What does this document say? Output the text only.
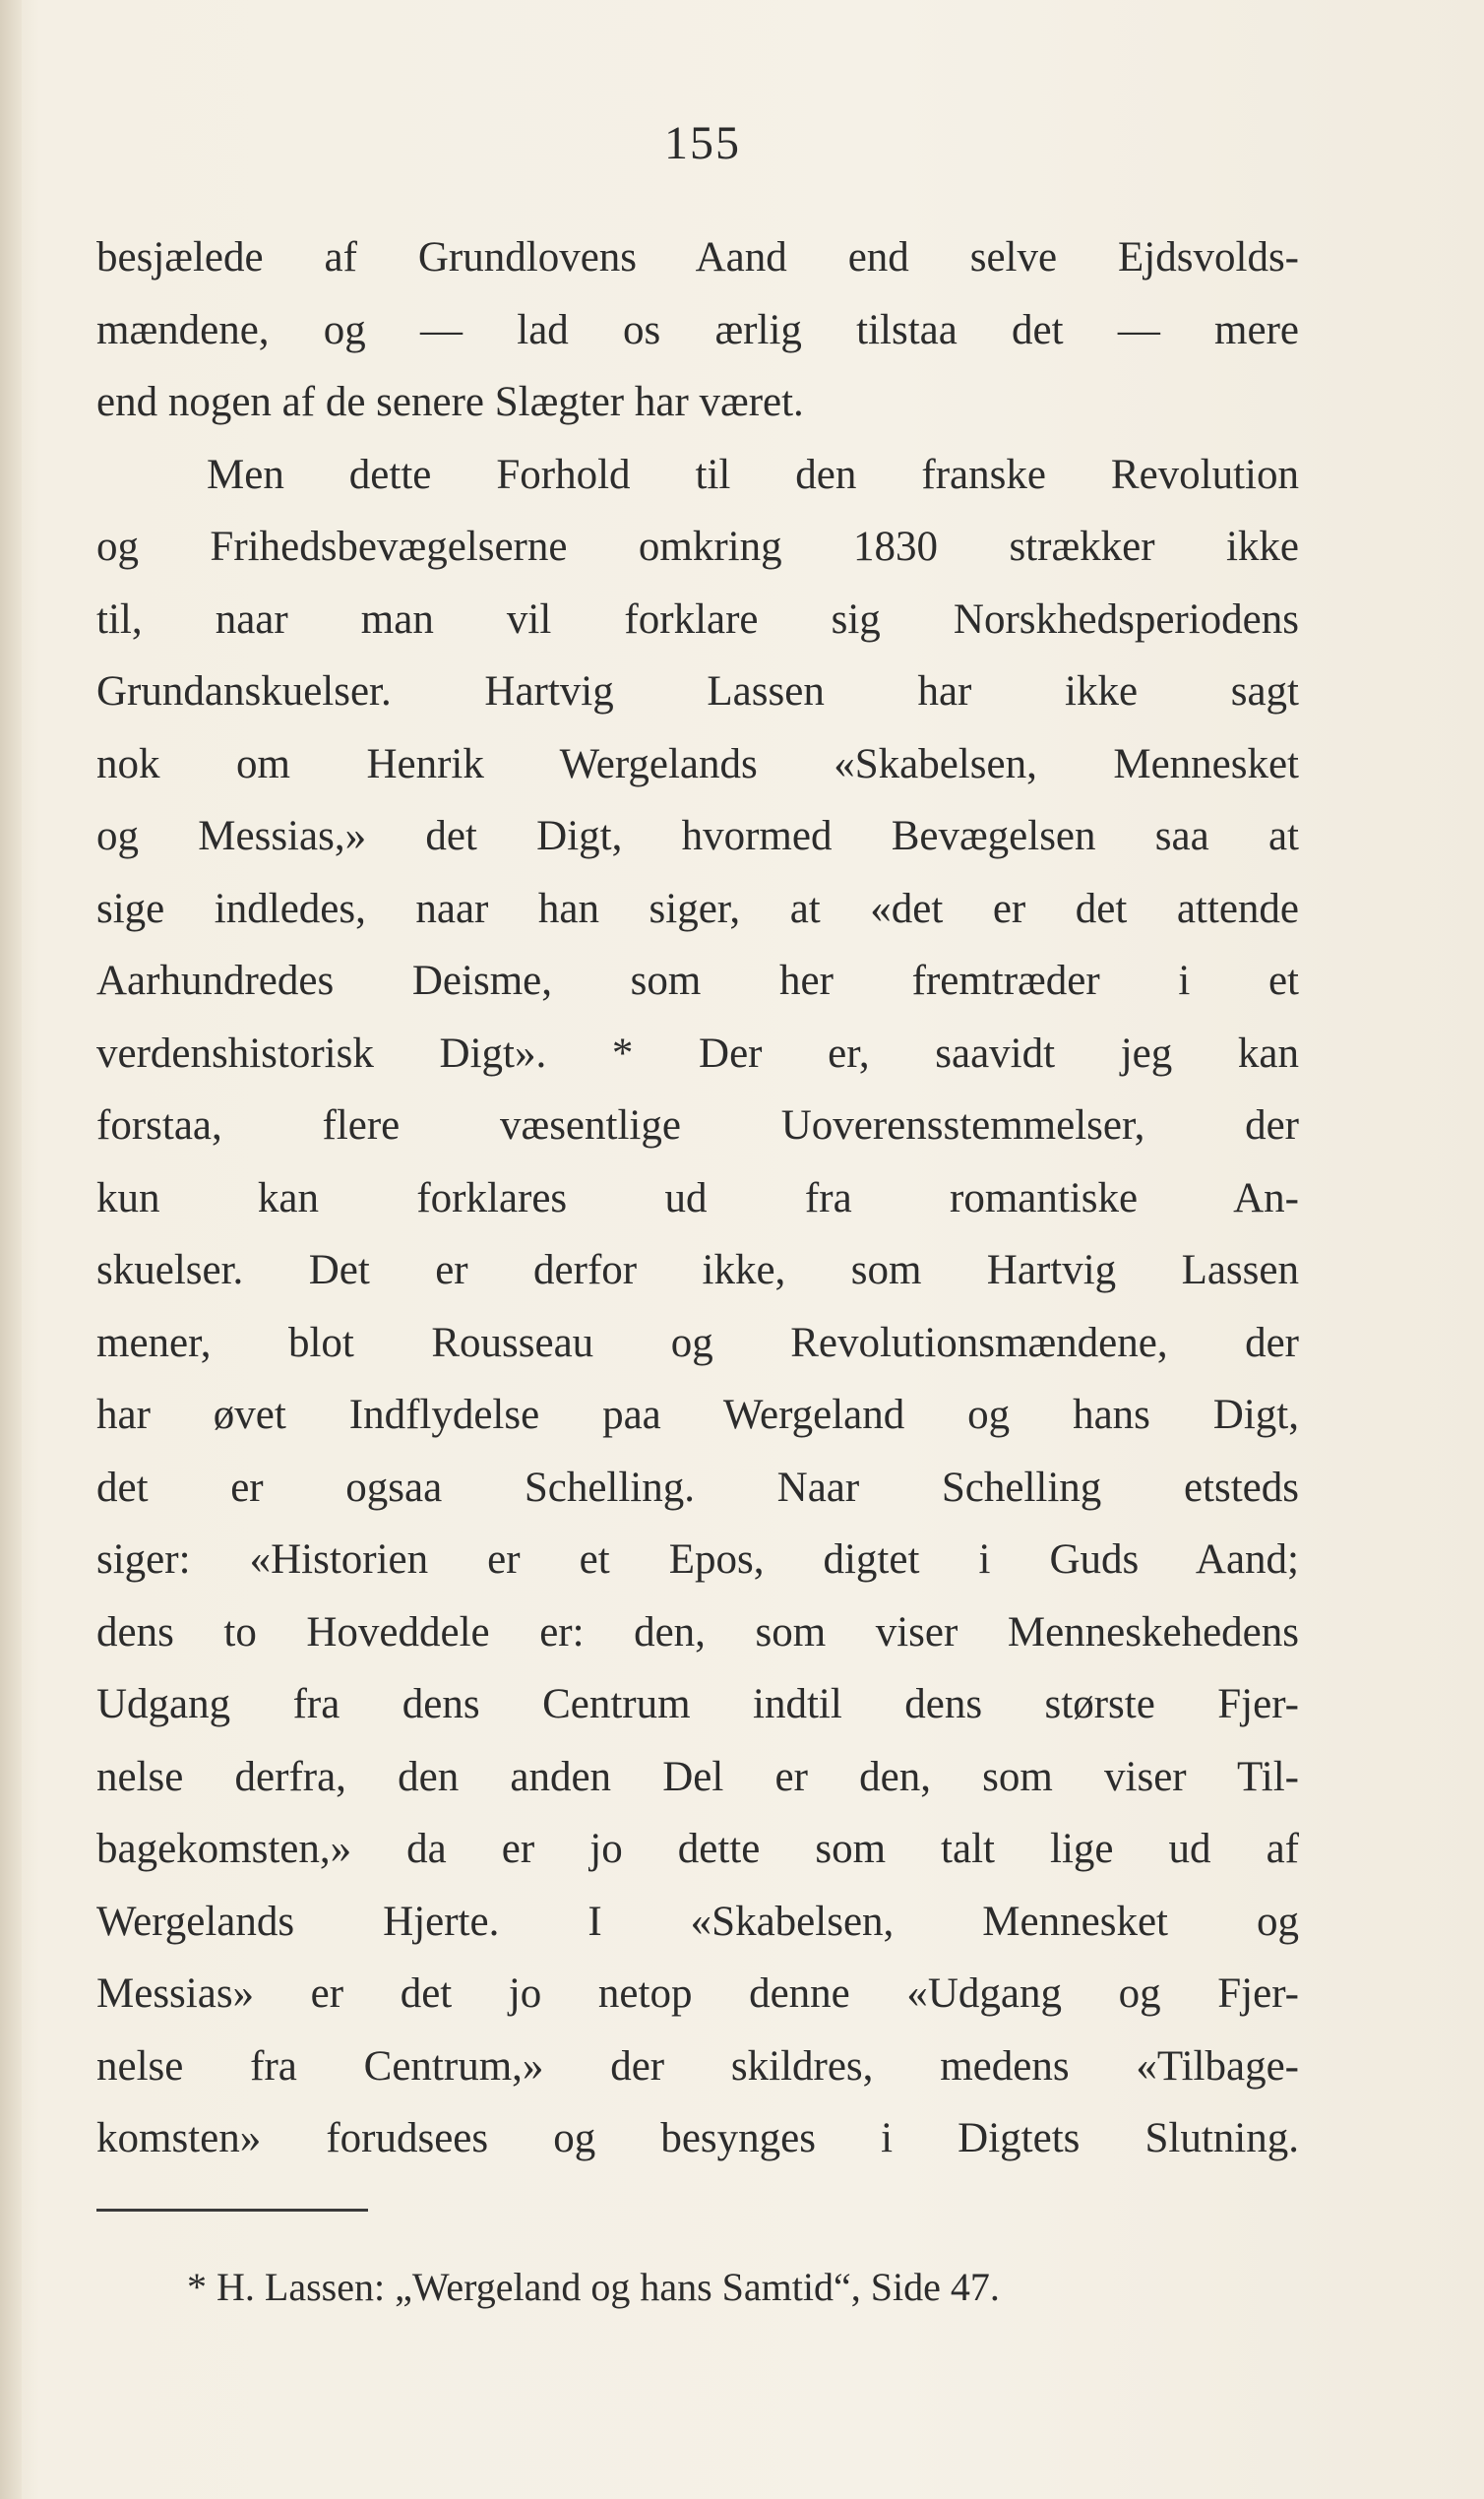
155
besjælede af Grundlovens Aand end selve Ejdsvolds-
mændene, og — lad os ærlig tilstaa det — mere
end nogen af de senere Slægter har været.
Men dette Forhold til den franske Revolution
og Frihedsbevægelserne omkring 1830 strækker ikke
til, naar man vil forklare sig Norskhedsperiodens
Grundanskuelser. Hartvig Lassen har ikke sagt
nok om Henrik Wergelands «Skabelsen, Mennesket
og Messias,» det Digt, hvormed Bevægelsen saa at
sige indledes, naar han siger, at «det er det attende
Aarhundredes Deisme, som her fremtræder i et
verdenshistorisk Digt». * Der er, saavidt jeg kan
forstaa, flere væsentlige Uoverensstemmelser, der
kun kan forklares ud fra romantiske An-
skuelser. Det er derfor ikke, som Hartvig Lassen
mener, blot Rousseau og Revolutionsmændene, der
har øvet Indflydelse paa Wergeland og hans Digt,
det er ogsaa Schelling. Naar Schelling etsteds
siger: «Historien er et Epos, digtet i Guds Aand;
dens to Hoveddele er: den, som viser Menneskehedens
Udgang fra dens Centrum indtil dens største Fjer-
nelse derfra, den anden Del er den, som viser Til-
bagekomsten,» da er jo dette som talt lige ud af
Wergelands Hjerte. I «Skabelsen, Mennesket og
Messias» er det jo netop denne «Udgang og Fjer-
nelse fra Centrum,» der skildres, medens «Tilbage-
komsten» forudsees og besynges i Digtets Slutning.
* H. Lassen: „Wergeland og hans Samtid“, Side 47.
